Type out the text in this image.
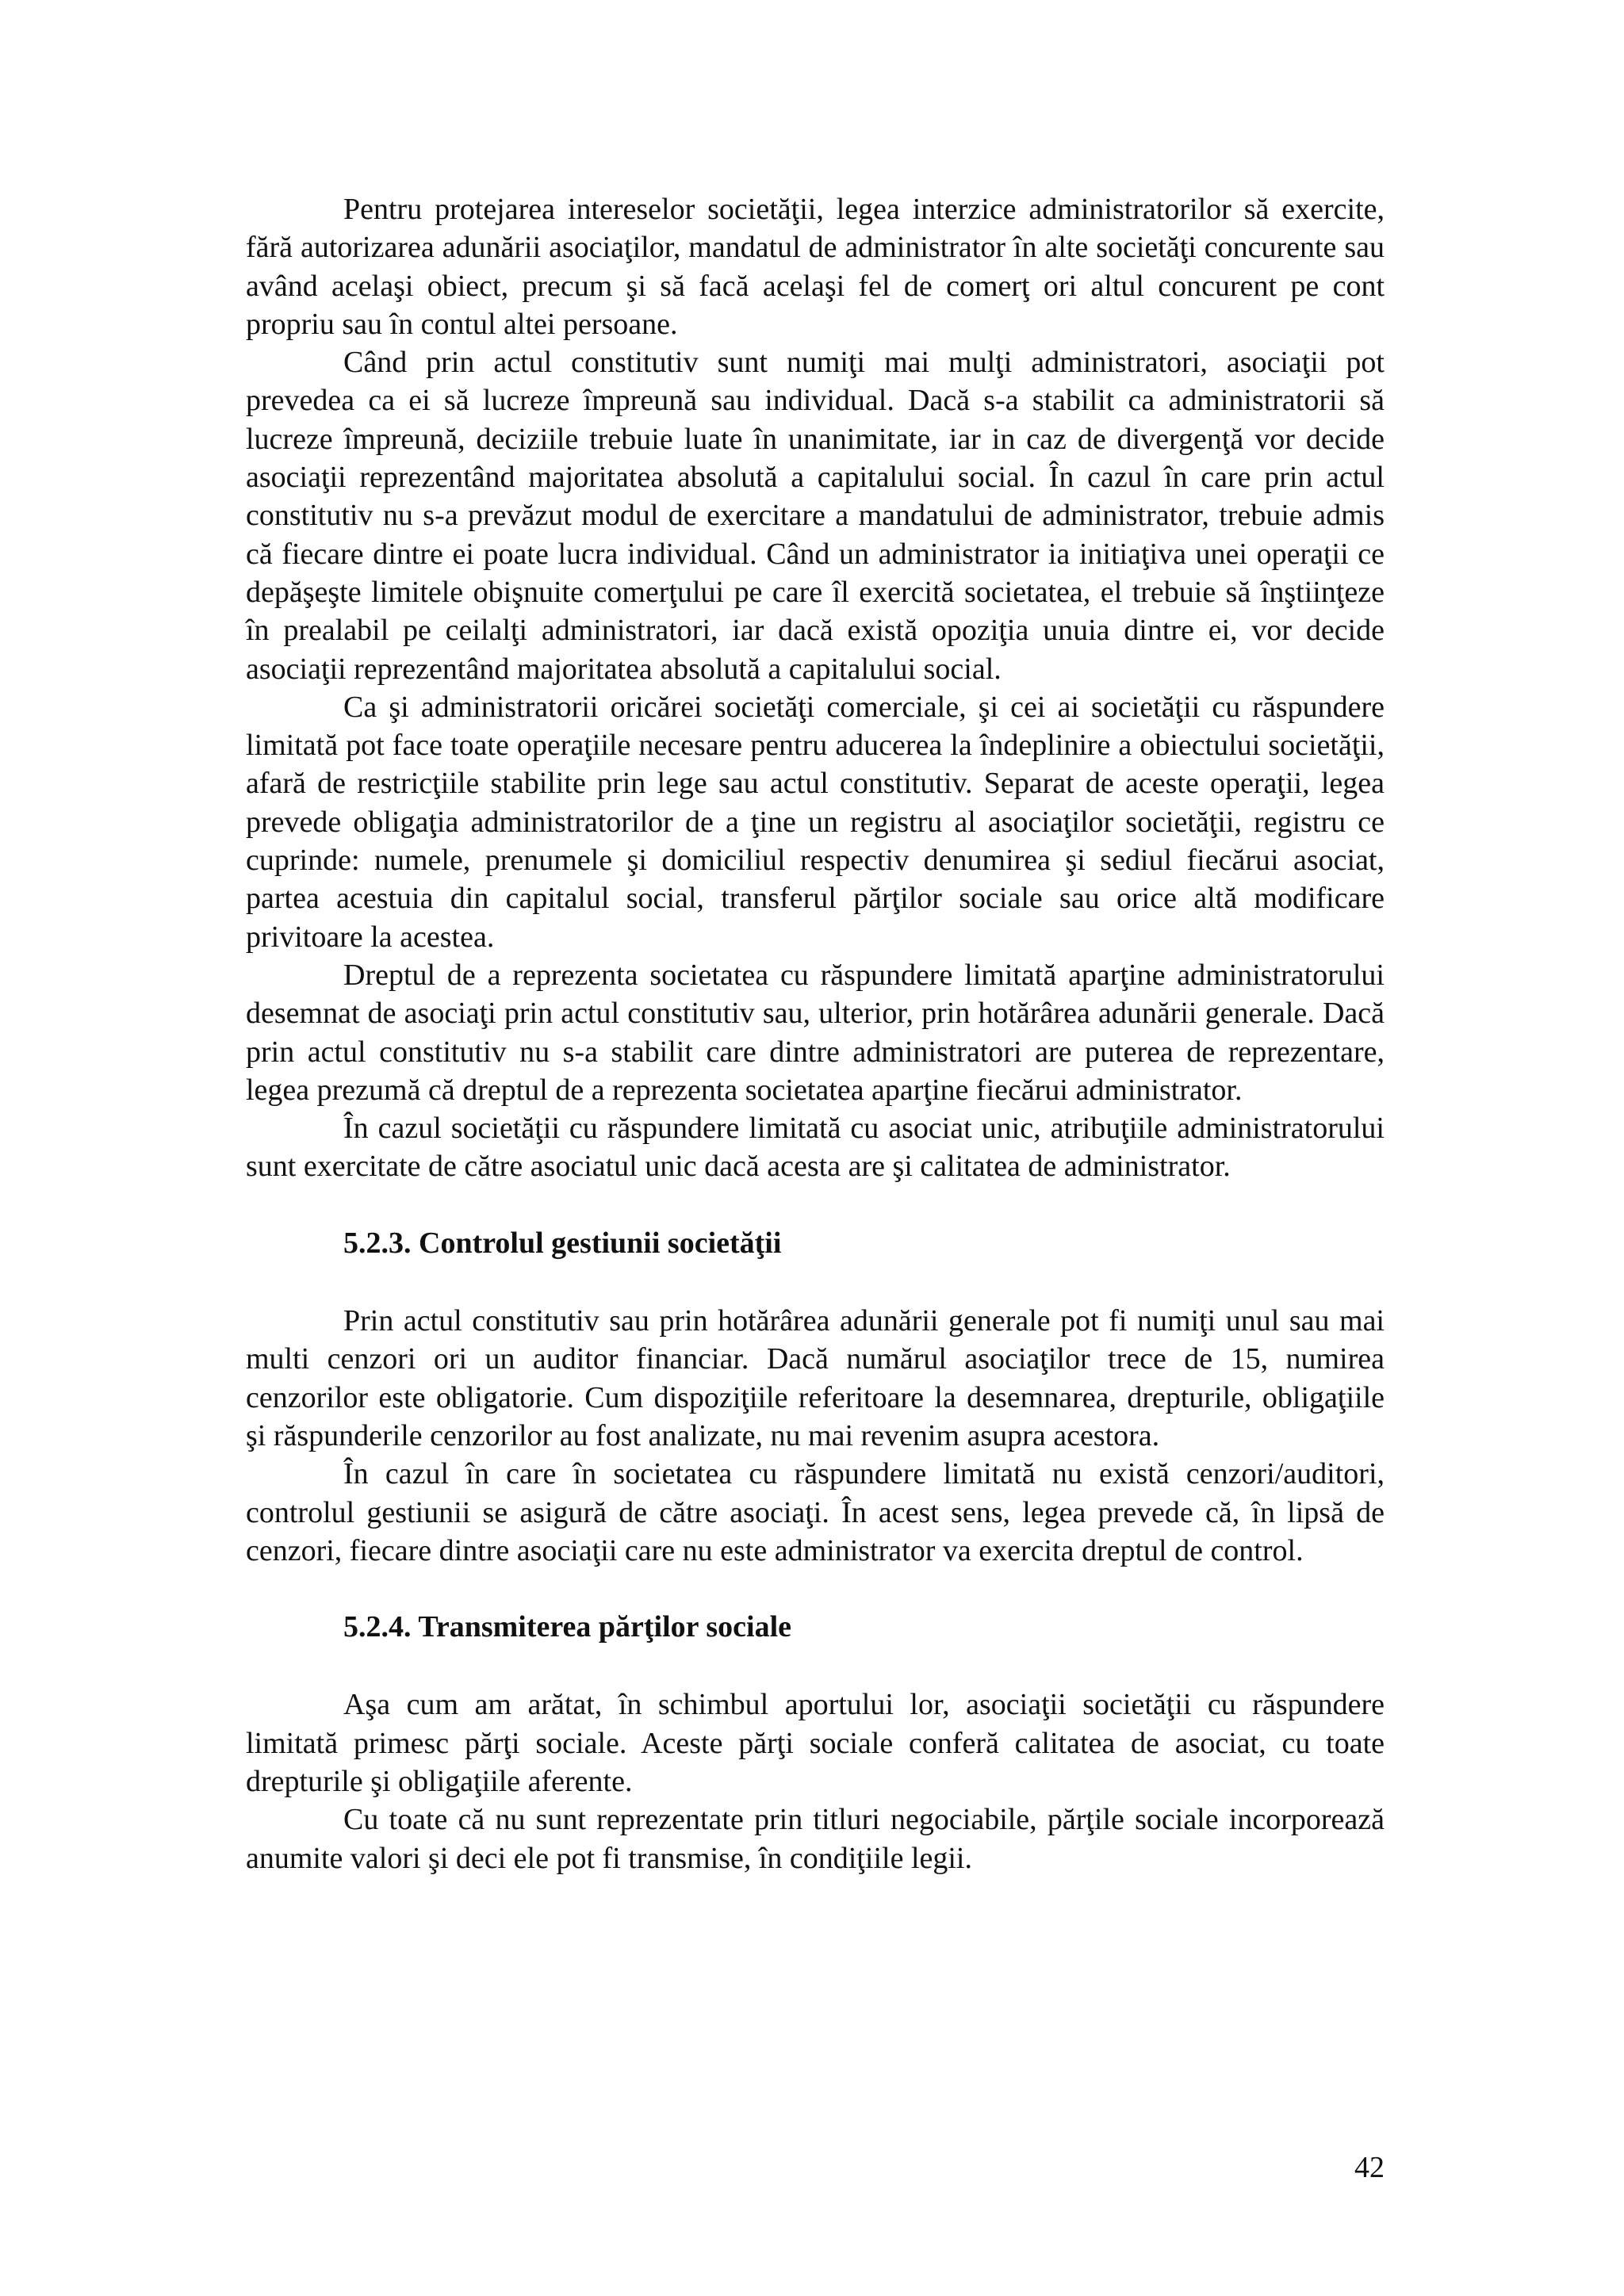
Pentru protejarea intereselor societăţii, legea interzice administratorilor să exercite, fără autorizarea adunării asociaţilor, mandatul de administrator în alte societăţi concurente sau având acelaşi obiect, precum şi să facă acelaşi fel de comerţ ori altul concurent pe cont propriu sau în contul altei persoane.

Când prin actul constitutiv sunt numiţi mai mulţi administratori, asociaţii pot prevedea ca ei să lucreze împreună sau individual. Dacă s-a stabilit ca administratorii să lucreze împreună, deciziile trebuie luate în unanimitate, iar in caz de divergenţă vor decide asociaţii reprezentând majoritatea absolută a capitalului social. În cazul în care prin actul constitutiv nu s-a prevăzut modul de exercitare a mandatului de administrator, trebuie admis că fiecare dintre ei poate lucra individual. Când un administrator ia initiaţiva unei operaţii ce depăşeşte limitele obişnuite comerţului pe care îl exercită societatea, el trebuie să înştiinţeze în prealabil pe ceilalţi administratori, iar dacă există opoziţia unuia dintre ei, vor decide asociaţii reprezentând majoritatea absolută a capitalului social.

Ca şi administratorii oricărei societăţi comerciale, şi cei ai societăţii cu răspundere limitată pot face toate operaţiile necesare pentru aducerea la îndeplinire a obiectului societăţii, afară de restricţiile stabilite prin lege sau actul constitutiv. Separat de aceste operaţii, legea prevede obligaţia administratorilor de a ţine un registru al asociaţilor societăţii, registru ce cuprinde: numele, prenumele şi domiciliul respectiv denumirea şi sediul fiecărui asociat, partea acestuia din capitalul social, transferul părţilor sociale sau orice altă modificare privitoare la acestea.

Dreptul de a reprezenta societatea cu răspundere limitată aparţine administratorului desemnat de asociaţi prin actul constitutiv sau, ulterior, prin hotărârea adunării generale. Dacă prin actul constitutiv nu s-a stabilit care dintre administratori are puterea de reprezentare, legea prezumă că dreptul de a reprezenta societatea aparţine fiecărui administrator.

În cazul societăţii cu răspundere limitată cu asociat unic, atribuţiile administratorului sunt exercitate de către asociatul unic dacă acesta are şi calitatea de administrator.

5.2.3. Controlul gestiunii societăţii

Prin actul constitutiv sau prin hotărârea adunării generale pot fi numiţi unul sau mai multi cenzori ori un auditor financiar. Dacă numărul asociaţilor trece de 15, numirea cenzorilor este obligatorie. Cum dispoziţiile referitoare la desemnarea, drepturile, obligaţiile şi răspunderile cenzorilor au fost analizate, nu mai revenim asupra acestora.

În cazul în care în societatea cu răspundere limitată nu există cenzori/auditori, controlul gestiunii se asigură de către asociaţi. În acest sens, legea prevede că, în lipsă de cenzori, fiecare dintre asociaţii care nu este administrator va exercita dreptul de control.

5.2.4. Transmiterea părţilor sociale

Aşa cum am arătat, în schimbul aportului lor, asociaţii societăţii cu răspundere limitată primesc părţi sociale. Aceste părţi sociale conferă calitatea de asociat, cu toate drepturile şi obligaţiile aferente.

Cu toate că nu sunt reprezentate prin titluri negociabile, părţile sociale incorporează anumite valori şi deci ele pot fi transmise, în condiţiile legii.

42
